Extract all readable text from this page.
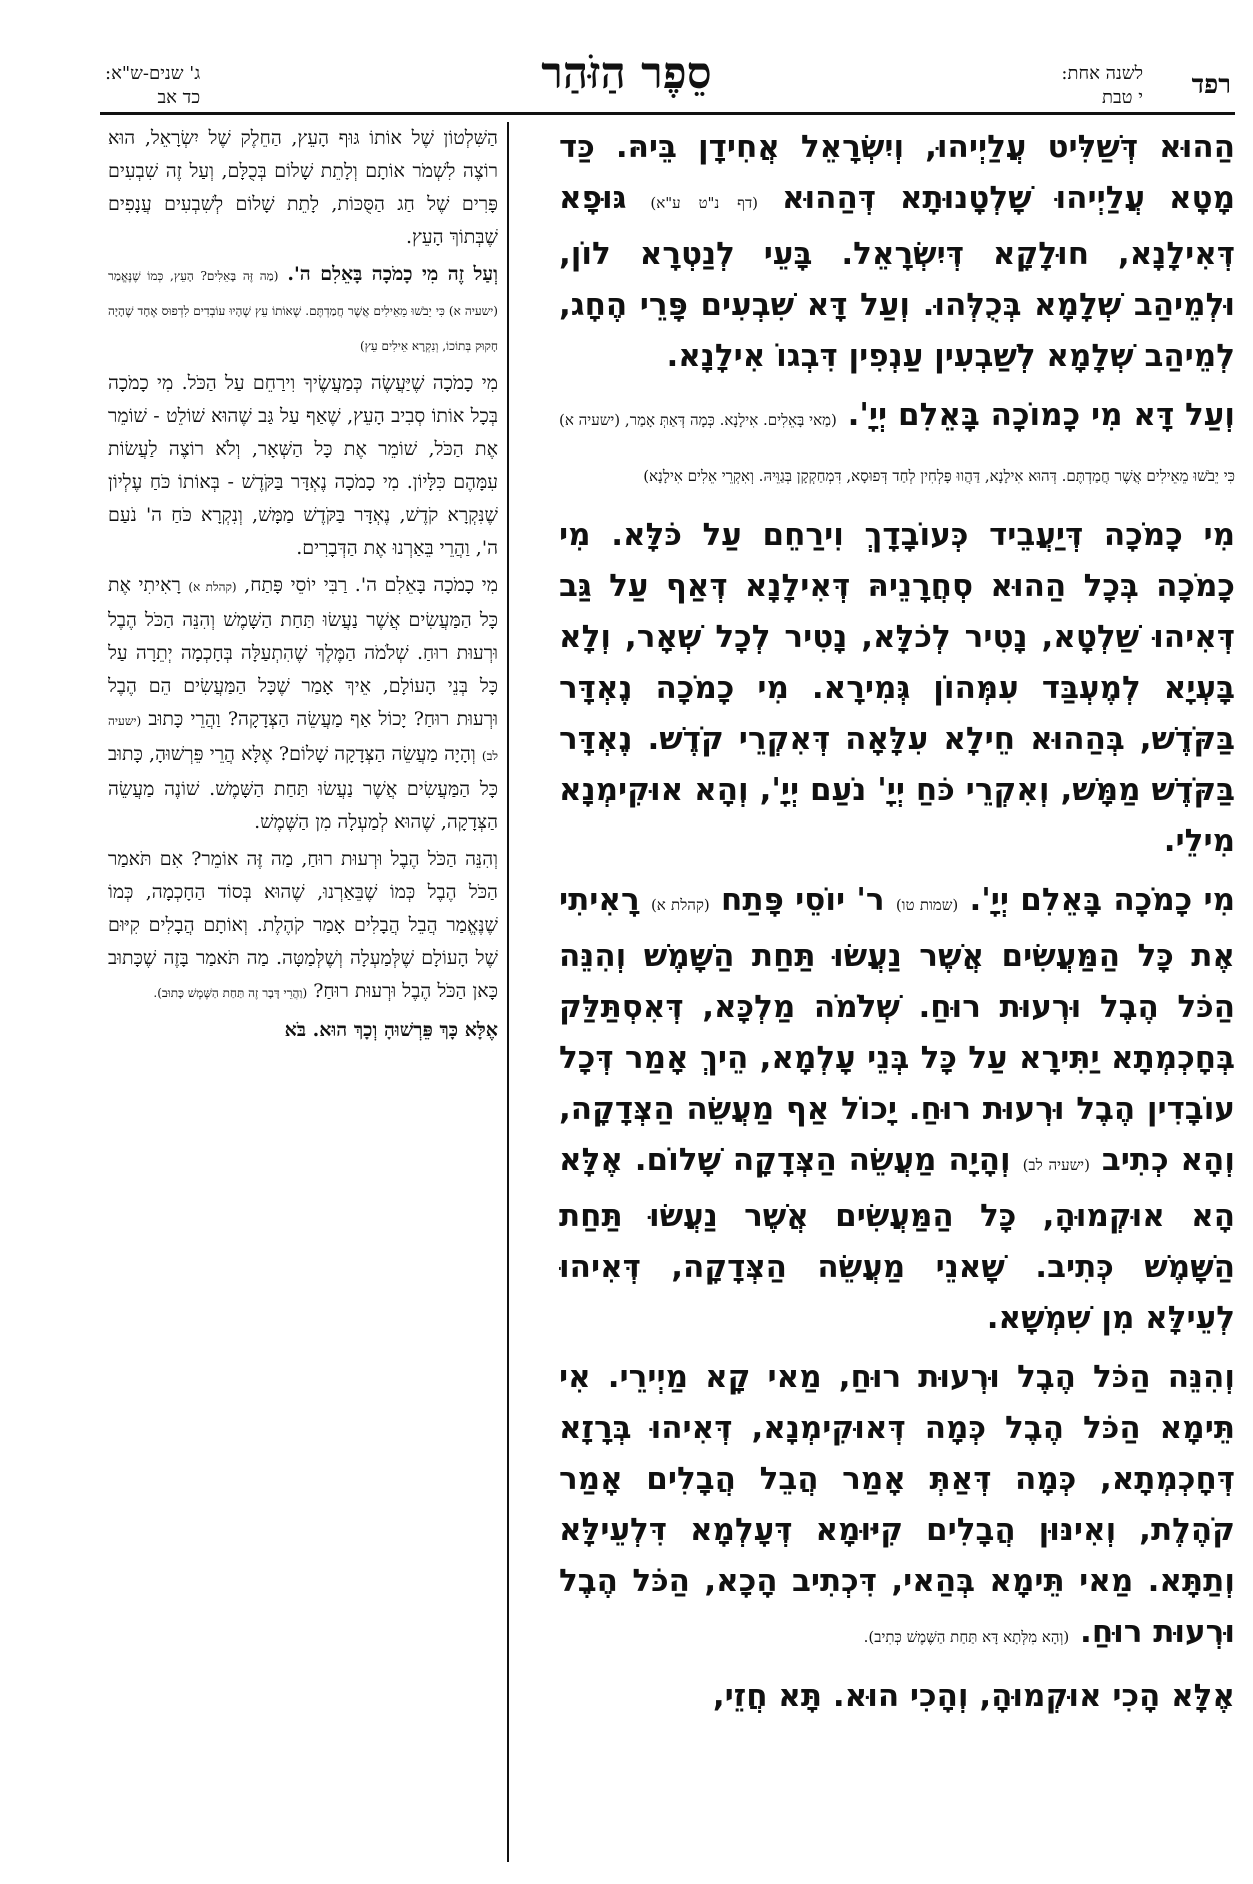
רפד
לשנה אחת:
י טבת
סֵפֶר הַזֹּהַר
ג' שנים-ש"א:
כד אב

הַהוּא דְּשַׁלִּיט עֲלַיְיהוּ, וְיִשְׂרָאֵל אֲחִידָן בֵּיהּ. כַּד מָטָא עֲלַיְיהוּ שָׁלְטָנוּתָא דְּהַהוּא (דף נ"ט ע"א) גּוּפָא דְּאִילָנָא, חוּלָקָא דְּיִשְׂרָאֵל. בָּעֵי לְנַטְרָא לוֹן, וּלְמֵיהַב שְׁלָמָא בְּכֻלְּהוּ. וְעַל דָּא שִׁבְעִים פָּרֵי הֶחָג, לְמֵיהַב שְׁלָמָא לְשַׁבְעִין עַנְפִין דִּבְגוֹ אִילָנָא.

וְעַל דָּא מִי כָמוֹכָה בָּאֵלִם יְיָ'. (מַאי בָּאֵלִים. אִילָנָא. כְּמָה דְּאַתְּ אָמַר, (ישעיה א) כִּי יֵבֹשׁוּ מֵאֵילִים אֲשֶׁר חֲמַדְתֶּם. דְּהוּא אִילָנָא, דַּהֲווּ פָּלְחִין לְחַד דְּפוּסָא, דִּמְחַקְקָן בְּגַוֵּיהּ. וְאִקְרֵי אֵלִים אִילָנָא)

מִי כָמֹכָה דְּיַעֲבֵיד כְּעוֹבָדָךְ וִירַחֵם עַל כֹּלָּא. מִי כָמֹכָה בְּכָל הַהוּא סְחֲרָנֵיהּ דְּאִילָנָא דְּאַף עַל גַּב דְּאִיהוּ שַׁלְטָא, נָטִיר לְכֹלָּא, נָטִיר לְכָל שְׁאָר, וְלָא בָּעְיָא לְמֶעְבַּד עִמְּהוֹן גְּמִירָא. מִי כָמֹכָה נֶאְדָּר בַּקֹּדֶשׁ, בְּהַהוּא חֵילָא עִלָּאָה דְּאִקְרֵי קֹדֶשׁ. נֶאְדָּר בַּקֹּדֶשׁ מַמָּשׁ, וְאִקְרֵי כֹּחַ יְיָ' נֹעַם יְיָ', וְהָא אוּקִימְנָא מִילֵי.

מִי כָמֹכָה בָּאֵלִם יְיָ'. (שמות טו) ר' יוֹסֵי פָּתַח (קהלת א) רָאִיתִי אֶת כָּל הַמַּעֲשִׂים אֲשֶׁר נַעֲשׂוּ תַּחַת הַשָּׁמֶשׁ וְהִנֵּה הַכֹּל הֶבֶל וּרְעוּת רוּחַ. שְׁלֹמֹה מַלְכָּא, דְּאִסְתַּלַּק בְּחָכְמְתָא יַתִּירָא עַל כָּל בְּנֵי עָלְמָא, הֵיךְ אָמַר דְּכָל עוֹבָדִין הֶבֶל וּרְעוּת רוּחַ. יָכוֹל אַף מַעֲשֵׂה הַצְּדָקָה, וְהָא כְתִיב (ישעיה לב) וְהָיָה מַעֲשֵׂה הַצְּדָקָה שָׁלוֹם. אֶלָּא הָא אוּקְמוּהָ, כָּל הַמַּעֲשִׂים אֲשֶׁר נַעֲשׂוּ תַּחַת הַשָּׁמֶשׁ כְּתִיב. שָׁאנֵי מַעֲשֵׂה הַצְּדָקָה, דְּאִיהוּ לְעֵילָּא מִן שִׁמְשָׁא.

וְהִנֵּה הַכֹּל הֶבֶל וּרְעוּת רוּחַ, מַאי קָא מַיְירֵי. אִי תֵּימָא הַכֹּל הֶבֶל כְּמָה דְּאוּקִימְנָא, דְּאִיהוּ בְּרָזָא דְּחָכְמְתָא, כְּמָה דְּאַתְּ אָמַר הֲבֵל הֲבָלִים אָמַר קֹהֶלֶת, וְאִינּוּן הֲבָלִים קִיּוּמָא דְּעָלְמָא דִּלְעֵילָּא וְתַתָּא. מַאי תֵּימָא בְּהַאי, דִּכְתִיב הָכָא, הַכֹּל הֶבֶל וּרְעוּת רוּחַ. (וְהָא מִלְּתָא דָּא תַּחַת הַשֶּׁמֶשׁ כְּתִיב).

אֶלָּא הָכִי אוּקְמוּהָ, וְהָכִי הוּא. תָּא חֲזֵי,

הַשִּׁלְטוֹן שֶׁל אוֹתוֹ גּוּף הָעֵץ, הַחֵלֶק שֶׁל יִשְׂרָאֵל, הוּא רוֹצֶה לִשְׁמֹר אוֹתָם וְלָתֵת שָׁלוֹם בְּכֻלָּם, וְעַל זֶה שִׁבְעִים פָּרִים שֶׁל חַג הַסֻּכּוֹת, לָתֵת שָׁלוֹם לְשִׁבְעִים עֲנָפִים שֶׁבְּתוֹךְ הָעֵץ.

וְעַל זֶה מִי כָמֹכָה בָּאֵלִם ה'. (מַה זֶּה בָּאֵלִים? הָעֵץ, כְּמוֹ שֶׁנֶּאֱמַר (ישעיה א) כִּי יֵבֹשׁוּ מֵאֵילִים אֲשֶׁר חֲמַדְתֶּם. שֶׁאוֹתוֹ עֵץ שֶׁהָיוּ עוֹבְדִים לִדְפוּס אֶחָד שֶׁהָיָה חָקוּק בְּתוֹכוֹ, וְנִקְרָא אֵילִים עֵץ)

מִי כָמֹכָה שֶׁיַּעֲשֶׂה כְּמַעֲשֶׂיךָ וִירַחֵם עַל הַכֹּל. מִי כָמֹכָה בְּכָל אוֹתוֹ סְבִיב הָעֵץ, שֶׁאַף עַל גַּב שֶׁהוּא שׁוֹלֵט - שׁוֹמֵר אֶת הַכֹּל, שׁוֹמֵר אֶת כָּל הַשְּׁאָר, וְלֹא רוֹצֶה לַעֲשׂוֹת עִמָּהֶם כִּלָּיוֹן. מִי כָמֹכָה נֶאְדָּר בַּקֹּדֶשׁ - בְּאוֹתוֹ כֹּחַ עֶלְיוֹן שֶׁנִּקְרָא קֹדֶשׁ, נֶאְדָּר בַּקֹּדֶשׁ מַמָּשׁ, וְנִקְרָא כֹּחַ ה' נֹעַם ה', וַהֲרֵי בֵּאַרְנוּ אֶת הַדְּבָרִים.

מִי כָמֹכָה בָּאֵלִם ה'. רַבִּי יוֹסֵי פָּתַח, (קהלת א) רָאִיתִי אֶת כָּל הַמַּעֲשִׂים אֲשֶׁר נַעֲשׂוּ תַּחַת הַשָּׁמֶשׁ וְהִנֵּה הַכֹּל הֶבֶל וּרְעוּת רוּחַ. שְׁלֹמֹה הַמֶּלֶךְ שֶׁהִתְעַלָּה בְּחָכְמָה יְתֵרָה עַל כָּל בְּנֵי הָעוֹלָם, אֵיךְ אָמַר שֶׁכָּל הַמַּעֲשִׂים הֵם הֶבֶל וּרְעוּת רוּחַ? יָכוֹל אַף מַעֲשֵׂה הַצְּדָקָה? וַהֲרֵי כָּתוּב (ישעיה לב) וְהָיָה מַעֲשֵׂה הַצְּדָקָה שָׁלוֹם? אֶלָּא הֲרֵי פֵּרְשׁוּהָ, כָּתוּב כָּל הַמַּעֲשִׂים אֲשֶׁר נַעֲשׂוּ תַּחַת הַשָּׁמֶשׁ. שׁוֹנֶה מַעֲשֵׂה הַצְּדָקָה, שֶׁהוּא לְמַעְלָה מִן הַשֶּׁמֶשׁ.

וְהִנֵּה הַכֹּל הֶבֶל וּרְעוּת רוּחַ, מַה זֶּה אוֹמֵר? אִם תֹּאמַר הַכֹּל הֶבֶל כְּמוֹ שֶׁבֵּאַרְנוּ, שֶׁהוּא בְּסוֹד הַחָכְמָה, כְּמוֹ שֶׁנֶּאֱמַר הֲבֵל הֲבָלִים אָמַר קֹהֶלֶת. וְאוֹתָם הֲבָלִים קִיּוּם שֶׁל הָעוֹלָם שֶׁלְּמַעְלָה וְשֶׁלְּמַטָּה. מַה תֹּאמַר בָּזֶה שֶׁכָּתוּב כָּאן הַכֹּל הֶבֶל וּרְעוּת רוּחַ? (וַהֲרֵי דָּבָר זֶה תַּחַת הַשֶּׁמֶשׁ כָּתוּב).

אֶלָּא כָּךְ פֵּרְשׁוּהָ וְכָךְ הוּא. בֹּא
